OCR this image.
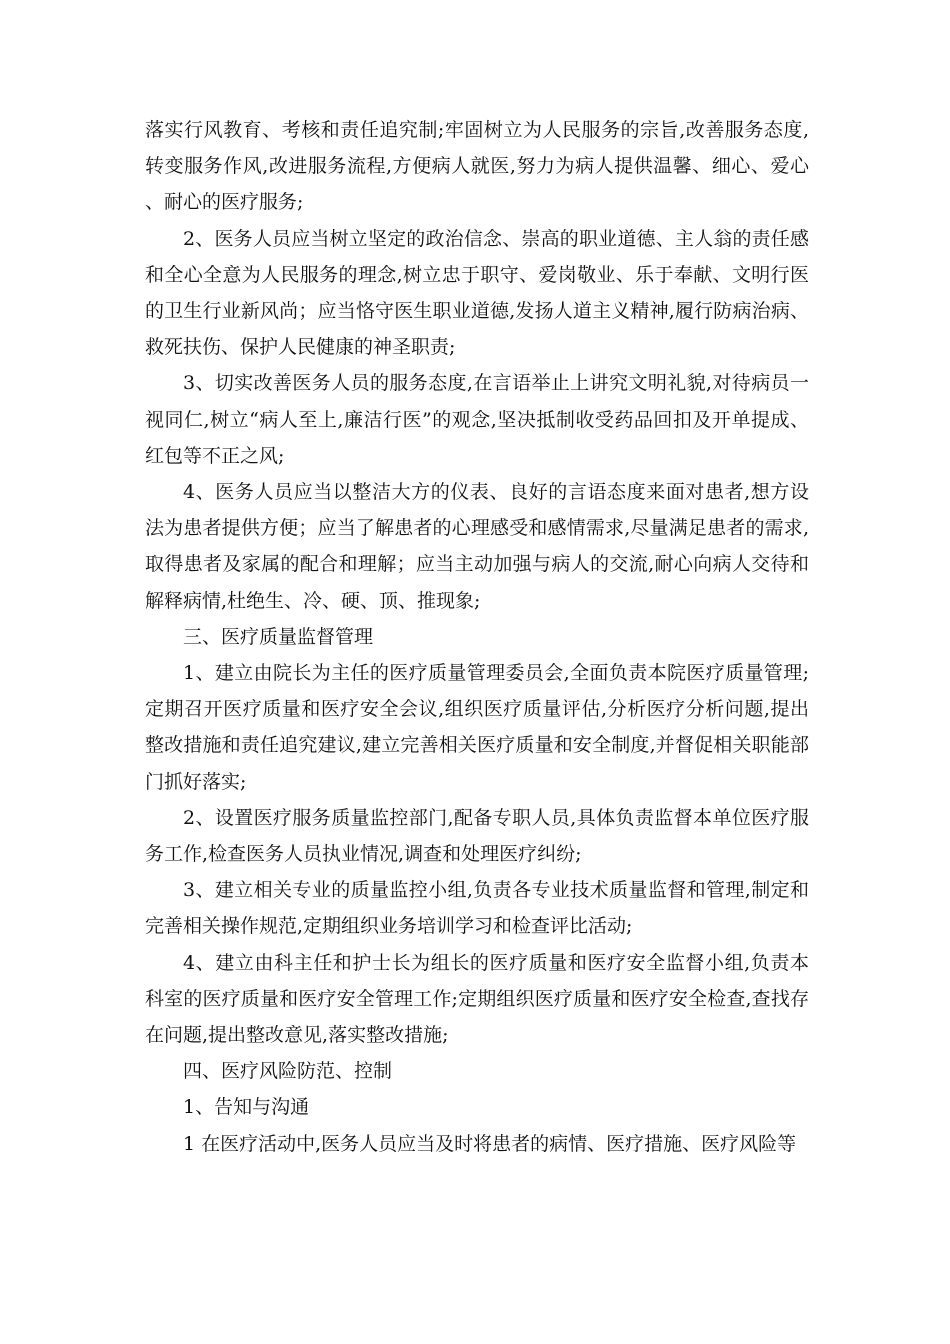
落实行风教育、考核和责任追究制;牢固树立为人民服务的宗旨,改善服务态度,转变服务作风,改进服务流程,方便病人就医,努力为病人提供温馨、细心、爱心、耐心的医疗服务;

2、医务人员应当树立坚定的政治信念、崇高的职业道德、主人翁的责任感和全心全意为人民服务的理念,树立忠于职守、爱岗敬业、乐于奉献、文明行医的卫生行业新风尚；应当恪守医生职业道德,发扬人道主义精神,履行防病治病、救死扶伤、保护人民健康的神圣职责;

3、切实改善医务人员的服务态度,在言语举止上讲究文明礼貌,对待病员一视同仁,树立“病人至上,廉洁行医”的观念,坚决抵制收受药品回扣及开单提成、红包等不正之风;

4、医务人员应当以整洁大方的仪表、良好的言语态度来面对患者,想方设法为患者提供方便；应当了解患者的心理感受和感情需求,尽量满足患者的需求,取得患者及家属的配合和理解；应当主动加强与病人的交流,耐心向病人交待和解释病情,杜绝生、冷、硬、顶、推现象;

三、医疗质量监督管理

1、建立由院长为主任的医疗质量管理委员会,全面负责本院医疗质量管理;定期召开医疗质量和医疗安全会议,组织医疗质量评估,分析医疗分析问题,提出整改措施和责任追究建议,建立完善相关医疗质量和安全制度,并督促相关职能部门抓好落实;

2、设置医疗服务质量监控部门,配备专职人员,具体负责监督本单位医疗服务工作,检查医务人员执业情况,调查和处理医疗纠纷;

3、建立相关专业的质量监控小组,负责各专业技术质量监督和管理,制定和完善相关操作规范,定期组织业务培训学习和检查评比活动;

4、建立由科主任和护士长为组长的医疗质量和医疗安全监督小组,负责本科室的医疗质量和医疗安全管理工作;定期组织医疗质量和医疗安全检查,查找存在问题,提出整改意见,落实整改措施;

四、医疗风险防范、控制

1、告知与沟通

1 在医疗活动中,医务人员应当及时将患者的病情、医疗措施、医疗风险等
